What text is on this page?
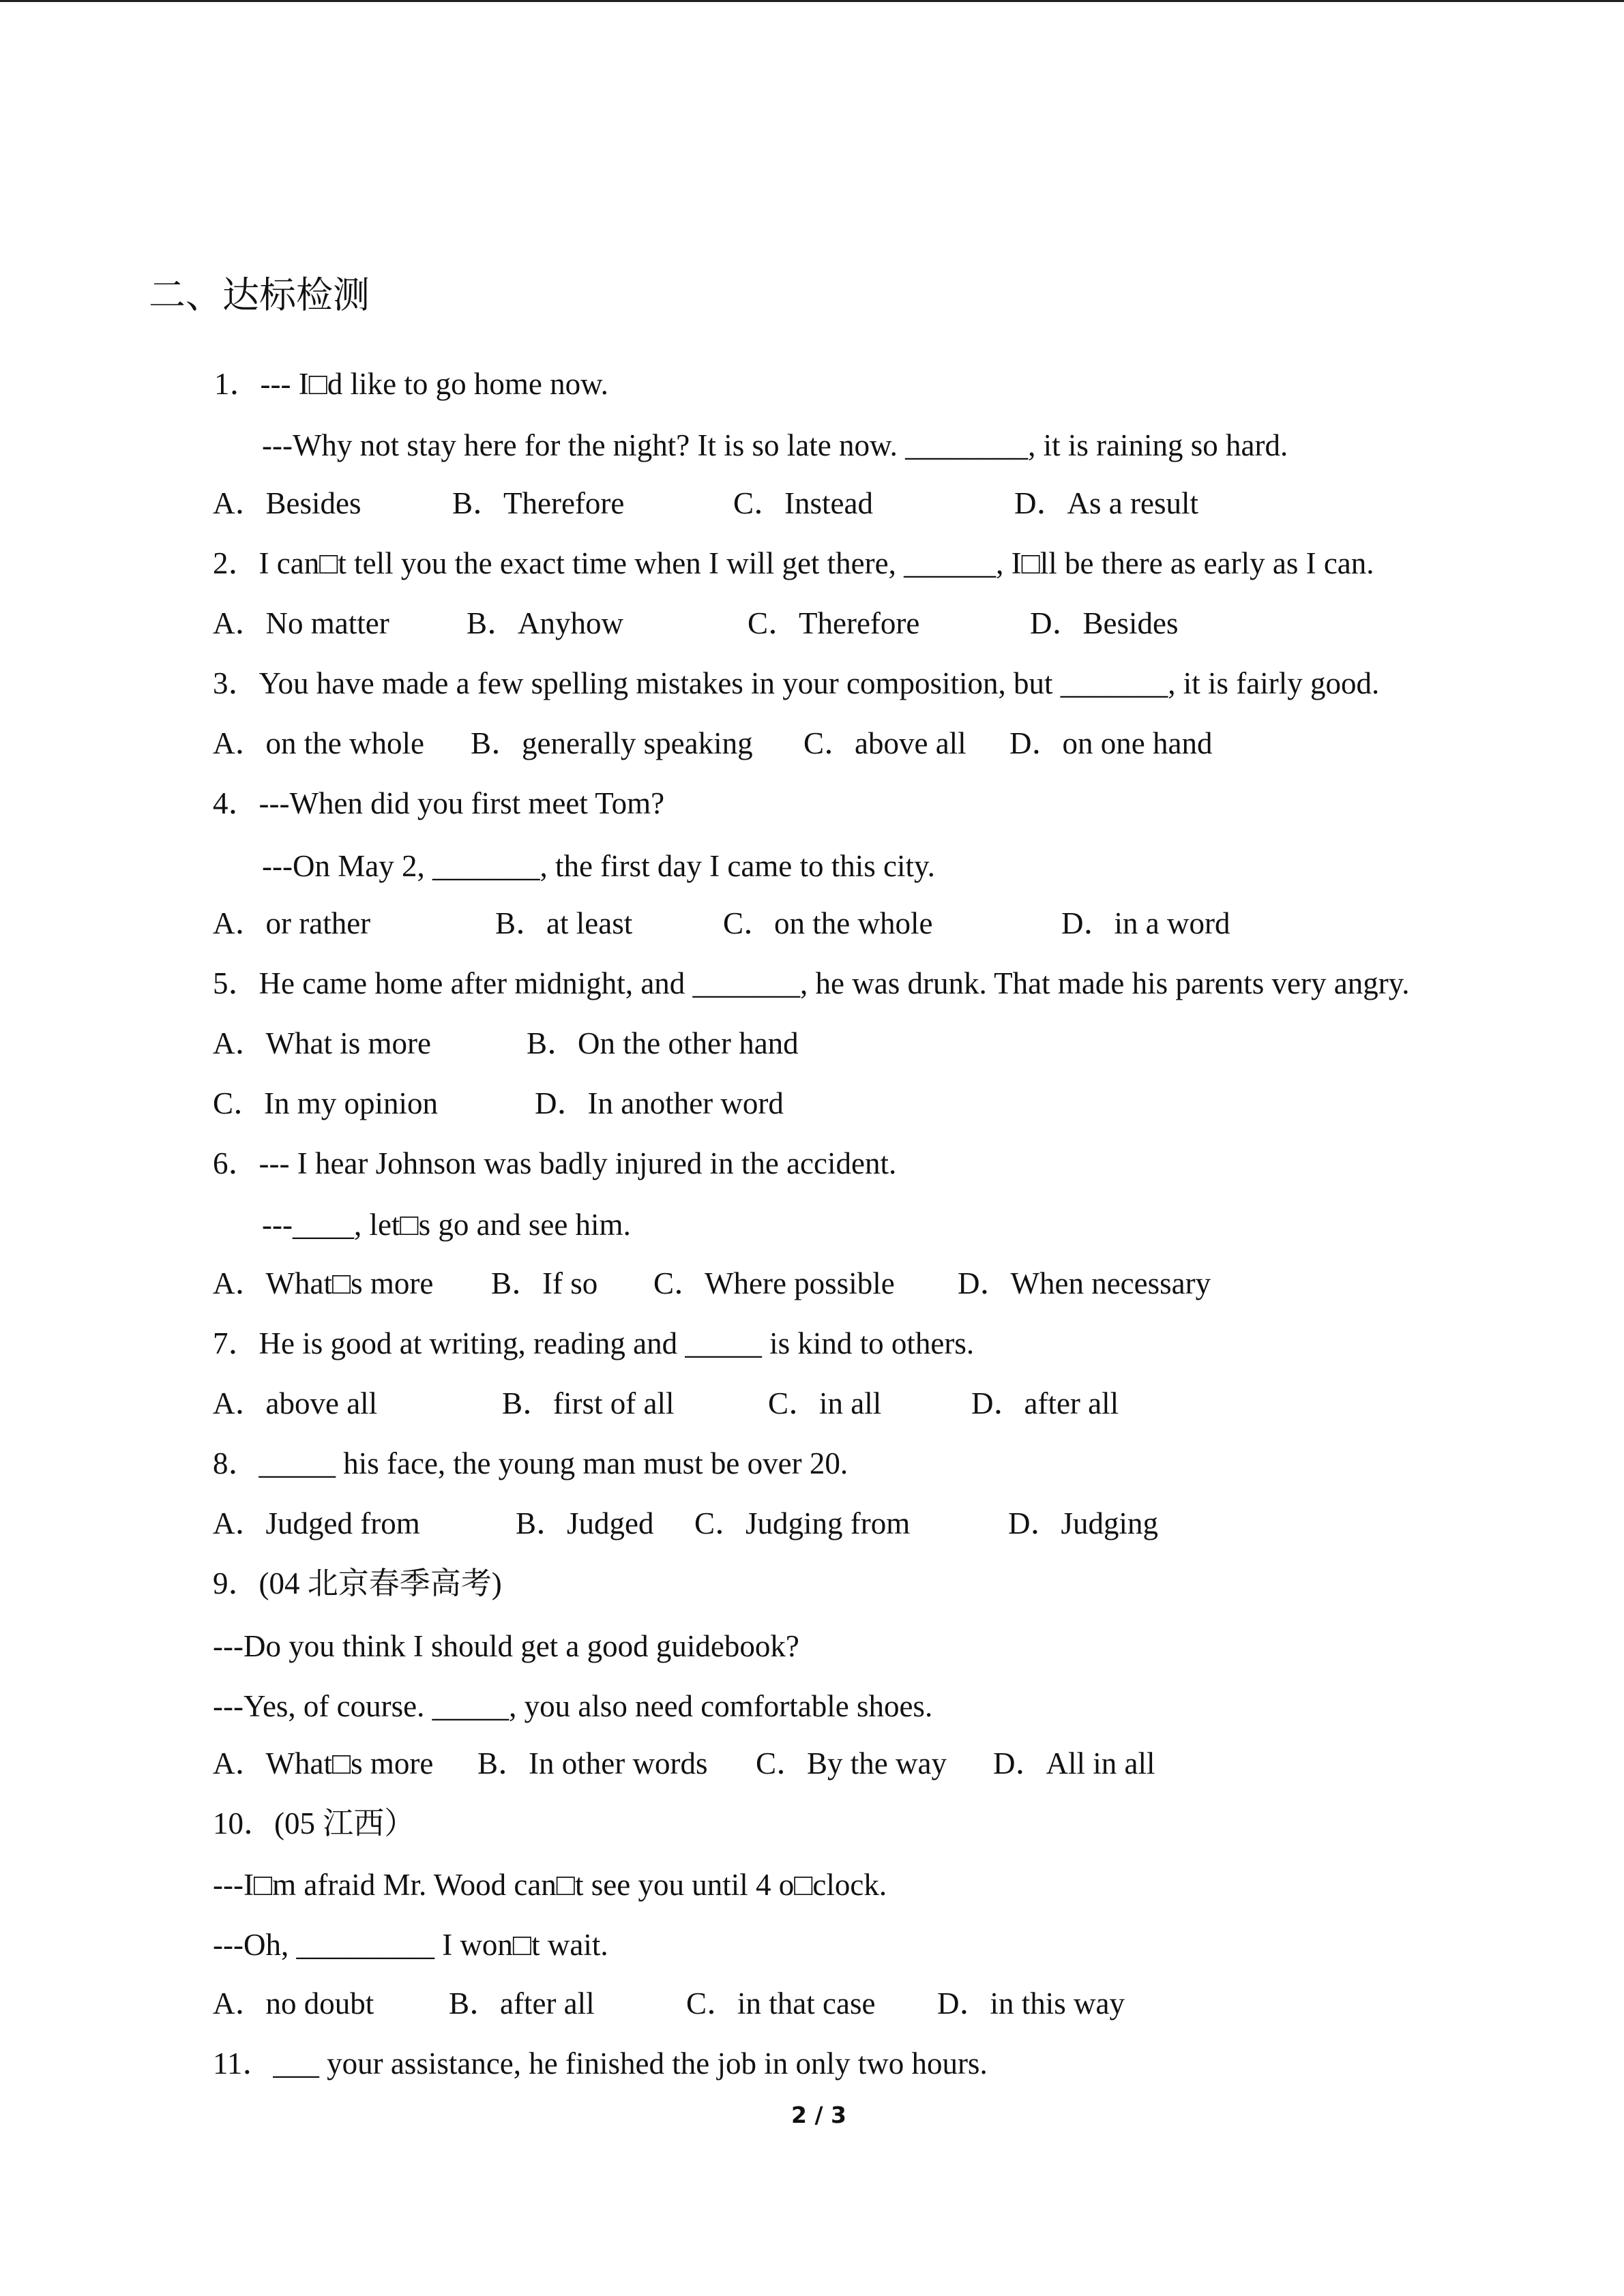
二、达标检测
1．--- I□d like to go home now.
---Why not stay here for the night? It is so late now. ________, it is raining so hard.
A．Besides	B．Therefore	C．Instead	D．As a result
2．I can□t tell you the exact time when I will get there, ______, I□ll be there as early as I can.
A．No matter	B．Anyhow	C．Therefore	D．Besides
3．You have made a few spelling mistakes in your composition, but _______, it is fairly good.
A．on the whole B．generally speaking C．above all D．on one hand
4．---When did you first meet Tom?
---On May 2, _______, the first day I came to this city.
A．or rather	B．at least	C．on the whole	D．in a word
5．He came home after midnight, and _______, he was drunk. That made his parents very angry.
A．What is more	B．On the other hand
C．In my opinion	D．In another word
6．--- I hear Johnson was badly injured in the accident.
---____, let□s go and see him.
A．What□s more B．If so C．Where possible D．When necessary
7．He is good at writing, reading and _____ is kind to others.
A．above all	B．first of all	C．in all	D．after all
8．_____ his face, the young man must be over 20.
A．Judged from	B．Judged C．Judging from	D．Judging
9．(04 北京春季高考)
---Do you think I should get a good guidebook?
---Yes, of course. _____, you also need comfortable shoes.
A．What□s more B．In other words C．By the way D．All in all
10．(05 江西）
---I□m afraid Mr. Wood can□t see you until 4 o□clock.
---Oh, _________ I won□t wait.
A．no doubt B．after all	C．in that case D．in this way
11．___ your assistance, he finished the job in only two hours.
2 / 3
